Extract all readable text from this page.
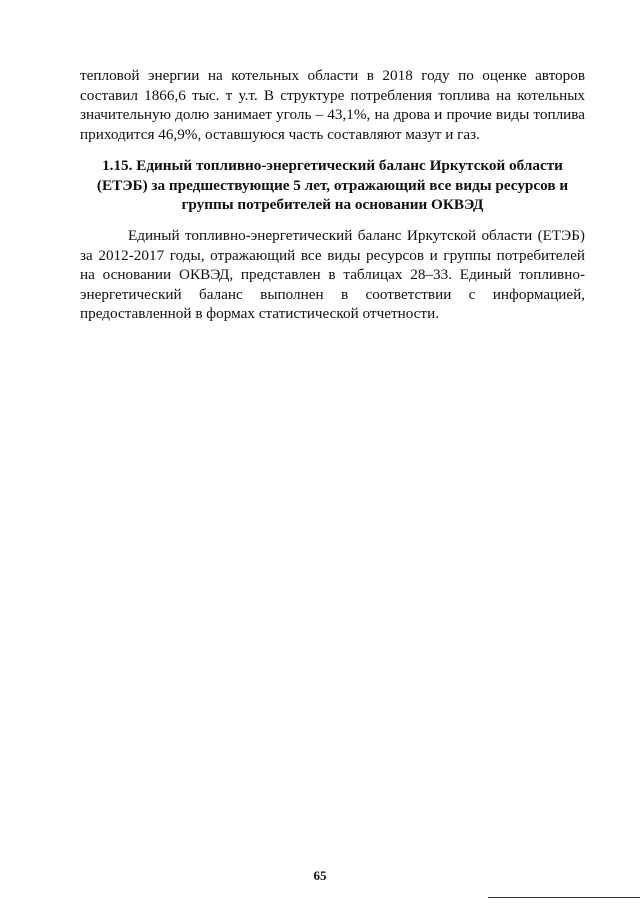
тепловой энергии на котельных области в 2018 году по оценке авторов составил 1866,6 тыс. т у.т. В структуре потребления топлива на котельных значительную долю занимает уголь – 43,1%, на дрова и прочие виды топлива приходится 46,9%, оставшуюся часть составляют мазут и газ.

1.15. Единый топливно-энергетический баланс Иркутской области (ЕТЭБ) за предшествующие 5 лет, отражающий все виды ресурсов и группы потребителей на основании ОКВЭД

Единый топливно-энергетический баланс Иркутской области (ЕТЭБ) за 2012-2017 годы, отражающий все виды ресурсов и группы потребителей на основании ОКВЭД, представлен в таблицах 28–33. Единый топливно-энергетический баланс выполнен в соответствии с информацией, предоставленной в формах статистической отчетности.

65
